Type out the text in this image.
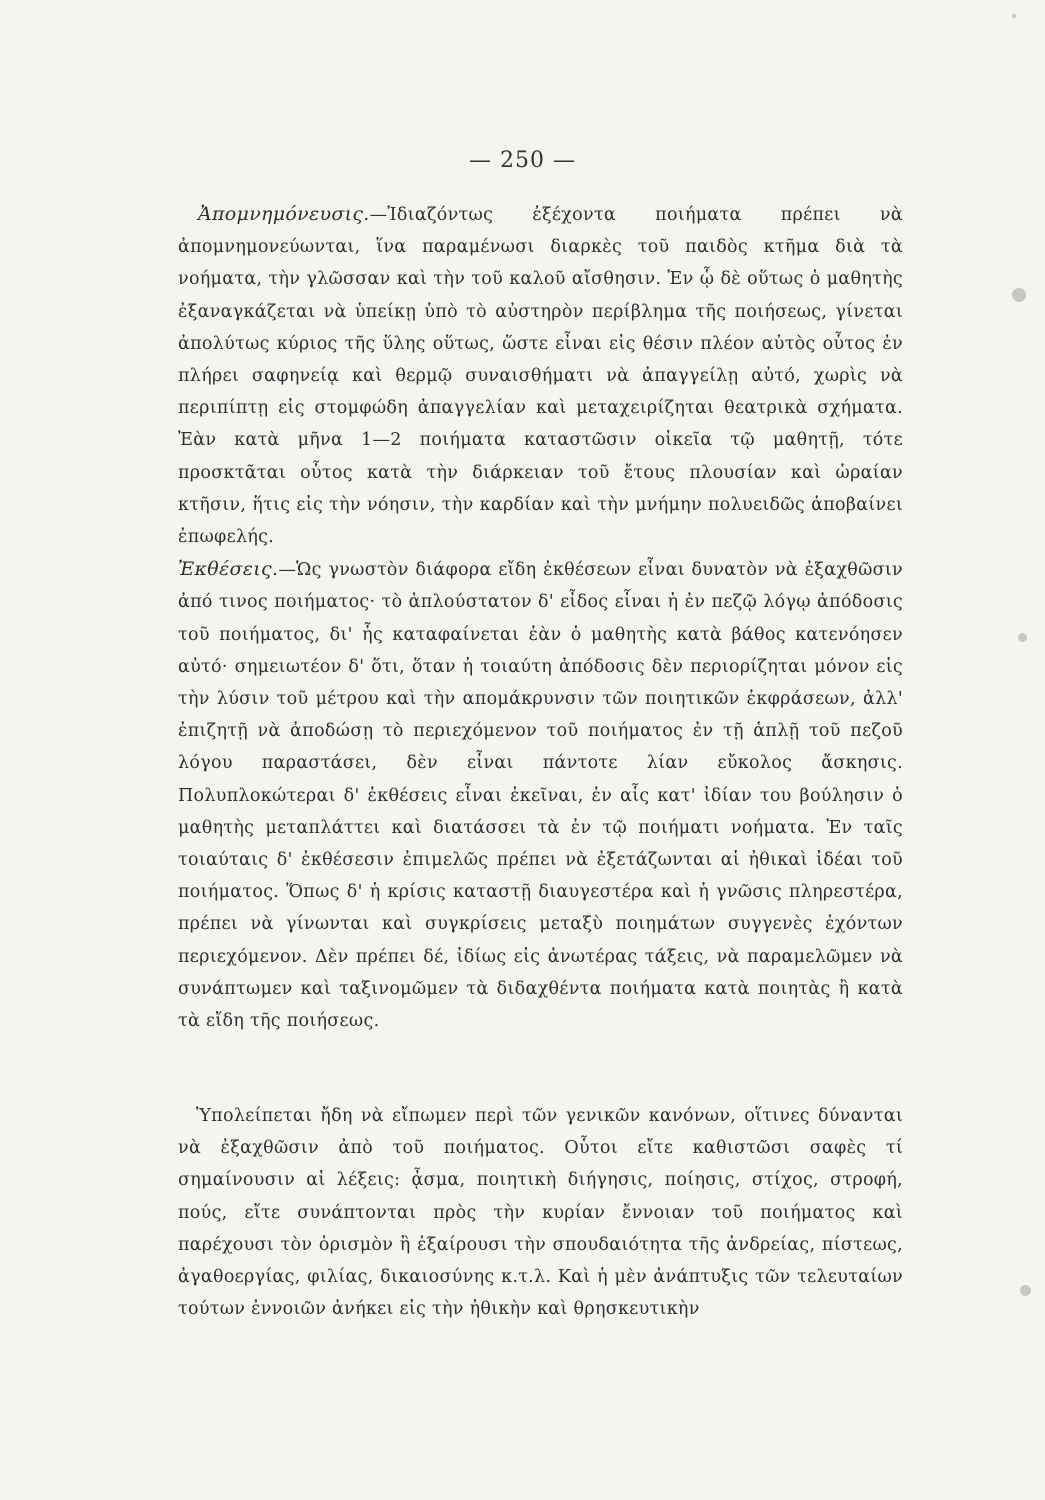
— 250 —

Ἀπομνημόνευσις.—Ἰδιαζόντως ἐξέχοντα ποιήματα πρέπει νὰ ἀπομνημονεύωνται, ἵνα παραμένωσι διαρκὲς τοῦ παιδὸς κτῆμα διὰ τὰ νοήματα, τὴν γλῶσσαν καὶ τὴν τοῦ καλοῦ αἴσθησιν. Ἐν ᾧ δὲ οὕτως ὁ μαθητὴς ἐξαναγκάζεται νὰ ὑπείκῃ ὑπὸ τὸ αὐστηρὸν περίβλημα τῆς ποιήσεως, γίνεται ἀπολύτως κύριος τῆς ὕλης οὕτως, ὥστε εἶναι εἰς θέσιν πλέον αὐτὸς οὗτος ἐν πλήρει σαφηνείᾳ καὶ θερμῷ συναισθήματι νὰ ἀπαγγείλῃ αὐτό, χωρὶς νὰ περιπίπτῃ εἰς στομφώδη ἀπαγγελίαν καὶ μεταχειρίζηται θεατρικὰ σχήματα. Ἐὰν κατὰ μῆνα 1—2 ποιήματα καταστῶσιν οἰκεῖα τῷ μαθητῇ, τότε προσκτᾶται οὗτος κατὰ τὴν διάρκειαν τοῦ ἔτους πλουσίαν καὶ ὡραίαν κτῆσιν, ἥτις εἰς τὴν νόησιν, τὴν καρδίαν καὶ τὴν μνήμην πολυειδῶς ἀποβαίνει ἐπωφελής.

Ἐκθέσεις.—Ὡς γνωστὸν διάφορα εἴδη ἐκθέσεων εἶναι δυνατὸν νὰ ἐξαχθῶσιν ἀπό τινος ποιήματος· τὸ ἁπλούστατον δ' εἶδος εἶναι ἡ ἐν πεζῷ λόγῳ ἀπόδοσις τοῦ ποιήματος, δι' ἧς καταφαίνεται ἐὰν ὁ μαθητὴς κατὰ βάθος κατενόησεν αὐτό· σημειωτέον δ' ὅτι, ὅταν ἡ τοιαύτη ἀπόδοσις δὲν περιορίζηται μόνον εἰς τὴν λύσιν τοῦ μέτρου καὶ τὴν απομάκρυνσιν τῶν ποιητικῶν ἐκφράσεων, ἀλλ' ἐπιζητῇ νὰ ἀποδώσῃ τὸ περιεχόμενον τοῦ ποιήματος ἐν τῇ ἁπλῇ τοῦ πεζοῦ λόγου παραστάσει, δὲν εἶναι πάντοτε λίαν εὔκολος ἄσκησις. Πολυπλοκώτεραι δ' ἐκθέσεις εἶναι ἐκεῖναι, ἐν αἷς κατ' ἰδίαν του βούλησιν ὁ μαθητὴς μεταπλάττει καὶ διατάσσει τὰ ἐν τῷ ποιήματι νοήματα. Ἐν ταῖς τοιαύταις δ' ἐκθέσεσιν ἐπιμελῶς πρέπει νὰ ἐξετάζωνται αἱ ἠθικαὶ ἰδέαι τοῦ ποιήματος. Ὅπως δ' ἡ κρίσις καταστῇ διαυγεστέρα καὶ ἡ γνῶσις πληρεστέρα, πρέπει νὰ γίνωνται καὶ συγκρίσεις μεταξὺ ποιημάτων συγγενὲς ἐχόντων περιεχόμενον. Δὲν πρέπει δέ, ἰδίως εἰς ἀνωτέρας τάξεις, νὰ παραμελῶμεν νὰ συνάπτωμεν καὶ ταξινομῶμεν τὰ διδαχθέντα ποιήματα κατὰ ποιητὰς ἢ κατὰ τὰ εἴδη τῆς ποιήσεως.

Ὑπολείπεται ἤδη νὰ εἴπωμεν περὶ τῶν γενικῶν κανόνων, οἵτινες δύνανται νὰ ἐξαχθῶσιν ἀπὸ τοῦ ποιήματος. Οὗτοι εἴτε καθιστῶσι σαφὲς τί σημαίνουσιν αἱ λέξεις: ᾆσμα, ποιητικὴ διήγησις, ποίησις, στίχος, στροφή, πούς, εἴτε συνάπτονται πρὸς τὴν κυρίαν ἔννοιαν τοῦ ποιήματος καὶ παρέχουσι τὸν ὁρισμὸν ἢ ἐξαίρουσι τὴν σπουδαιότητα τῆς ἀνδρείας, πίστεως, ἀγαθοεργίας, φιλίας, δικαιοσύνης κ.τ.λ. Καὶ ἡ μὲν ἀνάπτυξις τῶν τελευταίων τούτων ἐννοιῶν ἀνήκει εἰς τὴν ἠθικὴν καὶ θρησκευτικὴν
